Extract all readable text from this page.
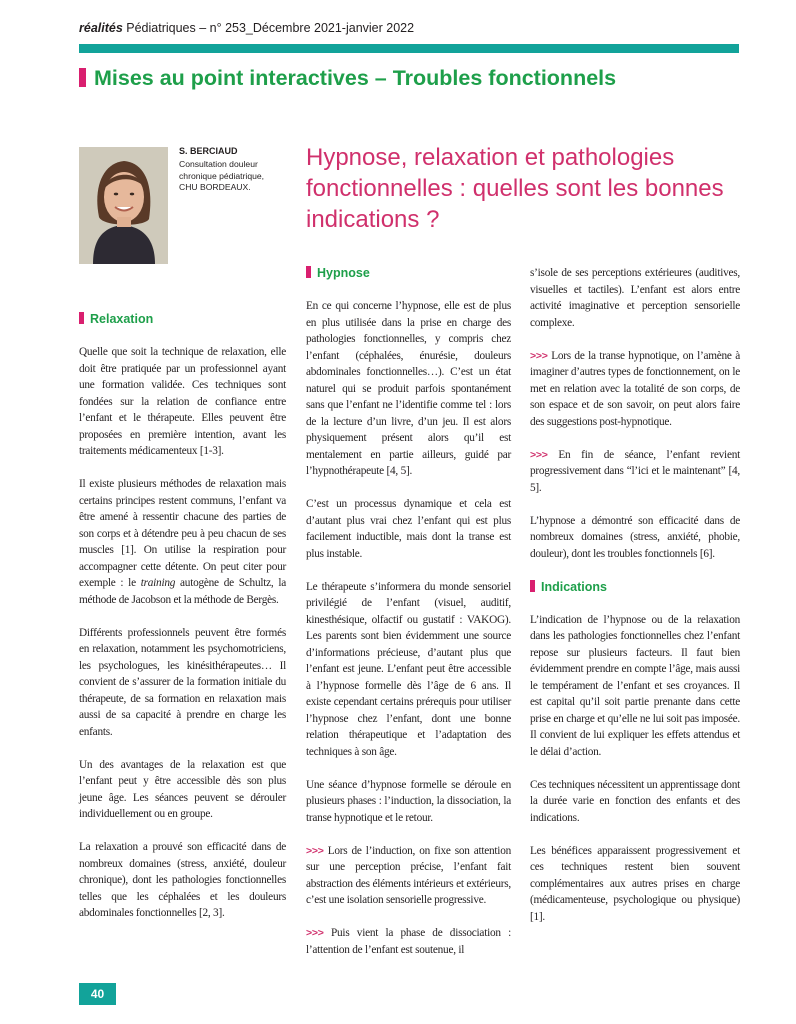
réalités Pédiatriques – n° 253_Décembre 2021-janvier 2022
Mises au point interactives – Troubles fonctionnels
S. BERCIAUD
Consultation douleur chronique pédiatrique, CHU BORDEAUX.
Hypnose, relaxation et pathologies fonctionnelles : quelles sont les bonnes indications ?
Relaxation

Quelle que soit la technique de relaxation, elle doit être pratiquée par un professionnel ayant une formation validée. Ces techniques sont fondées sur la relation de confiance entre l’enfant et le thérapeute. Elles peuvent être proposées en première intention, avant les traitements médicamenteux [1-3].

Il existe plusieurs méthodes de relaxation mais certains principes restent communs, l’enfant va être amené à ressentir chacune des parties de son corps et à détendre peu à peu chacun de ses muscles [1]. On utilise la respiration pour accompagner cette détente. On peut citer pour exemple : le training autogène de Schultz, la méthode de Jacobson et la méthode de Bergès.

Différents professionnels peuvent être formés en relaxation, notamment les psychomotriciens, les psychologues, les kinésithérapeutes… Il convient de s’assurer de la formation initiale du thérapeute, de sa formation en relaxation mais aussi de sa capacité à prendre en charge les enfants.

Un des avantages de la relaxation est que l’enfant peut y être accessible dès son plus jeune âge. Les séances peuvent se dérouler individuellement ou en groupe.

La relaxation a prouvé son efficacité dans de nombreux domaines (stress, anxiété, douleur chronique), dont les pathologies fonctionnelles telles que les céphalées et les douleurs abdominales fonctionnelles [2, 3].

Hypnose

En ce qui concerne l’hypnose, elle est de plus en plus utilisée dans la prise en charge des pathologies fonctionnelles, y compris chez l’enfant (céphalées, énurésie, douleurs abdominales fonctionnelles…). C’est un état naturel qui se produit parfois spontanément sans que l’enfant ne l’identifie comme tel : lors de la lecture d’un livre, d’un jeu. Il est alors physiquement présent alors qu’il est mentalement en partie ailleurs, guidé par l’hypnothérapeute [4, 5].

C’est un processus dynamique et cela est d’autant plus vrai chez l’enfant qui est plus facilement inductible, mais dont la transe est plus instable.

Le thérapeute s’informera du monde sensoriel privilégié de l’enfant (visuel, auditif, kinesthésique, olfactif ou gustatif : VAKOG). Les parents sont bien évidemment une source d’informations précieuse, d’autant plus que l’enfant est jeune. L’enfant peut être accessible à l’hypnose formelle dès l’âge de 6 ans. Il existe cependant certains prérequis pour utiliser l’hypnose chez l’enfant, dont une bonne relation thérapeutique et l’adaptation des techniques à son âge.

Une séance d’hypnose formelle se déroule en plusieurs phases : l’induction, la dissociation, la transe hypnotique et le retour.

>>> Lors de l’induction, on fixe son attention sur une perception précise, l’enfant fait abstraction des éléments intérieurs et extérieurs, c’est une isolation sensorielle progressive.

>>> Puis vient la phase de dissociation : l’attention de l’enfant est soutenue, il

s’isole de ses perceptions extérieures (auditives, visuelles et tactiles). L’enfant est alors entre activité imaginative et perception sensorielle complexe.

>>> Lors de la transe hypnotique, on l’amène à imaginer d’autres types de fonctionnement, on le met en relation avec la totalité de son corps, de son espace et de son savoir, on peut alors faire des suggestions post-hypnotique.

>>> En fin de séance, l’enfant revient progressivement dans “l’ici et le maintenant” [4, 5].

L’hypnose a démontré son efficacité dans de nombreux domaines (stress, anxiété, phobie, douleur), dont les troubles fonctionnels [6].

Indications

L’indication de l’hypnose ou de la relaxation dans les pathologies fonctionnelles chez l’enfant repose sur plusieurs facteurs. Il faut bien évidemment prendre en compte l’âge, mais aussi le tempérament de l’enfant et ses croyances. Il est capital qu’il soit partie prenante dans cette prise en charge et qu’elle ne lui soit pas imposée. Il convient de lui expliquer les effets attendus et le délai d’action.

Ces techniques nécessitent un apprentissage dont la durée varie en fonction des enfants et des indications.

Les bénéfices apparaissent progressivement et ces techniques restent bien souvent complémentaires aux autres prises en charge (médicamenteuse, psychologique ou physique) [1].

40
